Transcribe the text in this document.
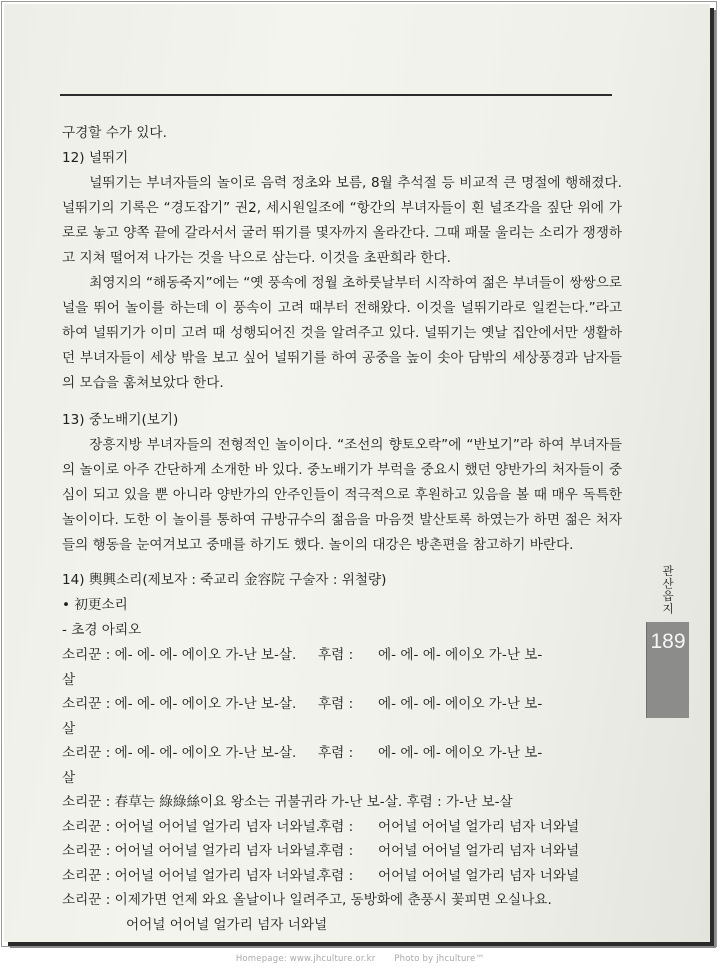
구경할 수가 있다.

12) 널뛰기

널뛰기는 부녀자들의 놀이로 음력 정초와 보름, 8월 추석절 등 비교적 큰 명절에 행해졌다. 널뛰기의 기록은 “경도잡기” 권2, 세시원일조에 “항간의 부녀자들이 흰 널조각을 짚단 위에 가로로 놓고 양쪽 끝에 갈라서서 굴러 뛰기를 몇자까지 올라간다. 그때 패물 울리는 소리가 쟁쟁하고 지쳐 떨어져 나가는 것을 낙으로 삼는다. 이것을 초판희라 한다.

최영지의 “해동죽지”에는 “옛 풍속에 정월 초하룻날부터 시작하여 젊은 부녀들이 쌍쌍으로 널을 뛰어 놀이를 하는데 이 풍속이 고려 때부터 전해왔다. 이것을 널뛰기라로 일컫는다.”라고 하여 널뛰기가 이미 고려 때 성행되어진 것을 알려주고 있다. 널뛰기는 옛날 집안에서만 생활하던 부녀자들이 세상 밖을 보고 싶어 널뛰기를 하여 공중을 높이 솟아 담밖의 세상풍경과 남자들의 모습을 훔쳐보았다 한다.

13) 중노배기(보기)

장흥지방 부녀자들의 전형적인 놀이이다. “조선의 향토오락”에 “반보기”라 하여 부녀자들의 놀이로 아주 간단하게 소개한 바 있다. 중노배기가 부럭을 중요시 했던 양반가의 처자들이 중심이 되고 있을 뿐 아니라 양반가의 안주인들이 적극적으로 후원하고 있음을 볼 때 매우 독특한 놀이이다. 도한 이 놀이를 통하여 규방규수의 젊음을 마음껏 발산토록 하였는가 하면 젊은 처자들의 행동을 눈여겨보고 중매를 하기도 했다. 놀이의 대강은 방촌편을 참고하기 바란다.

14) 輿興소리(제보자 : 죽교리 金容院 구술자 : 위철량)

• 初更소리

- 초경 아뢰오

소리꾼 : 에- 에- 에- 에이오 가-난 보-살.	후렴 :	에- 에- 에- 에이오 가-난 보-
살
소리꾼 : 에- 에- 에- 에이오 가-난 보-살.	후렴 :	에- 에- 에- 에이오 가-난 보-
살
소리꾼 : 에- 에- 에- 에이오 가-난 보-살.	후렴 :	에- 에- 에- 에이오 가-난 보-
살
소리꾼 : 春草는 綠綠絲이요 왕소는 귀불귀라 가-난 보-살. 후렴 : 가-난 보-살
소리꾼 : 어어널 어어널 얼가리 넘자 너와널.
후렴 :	어어널 어어널 얼가리 넘자 너와널
소리꾼 : 어어널 어어널 얼가리 넘자 너와널.
후렴 :	어어널 어어널 얼가리 넘자 너와널
소리꾼 : 어어널 어어널 얼가리 넘자 너와널.
후렴 :	어어널 어어널 얼가리 넘자 너와널
소리꾼 : 이제가면 언제 와요 올날이나 일려주고, 동방화에 춘풍시 꽃피면 오실나요.
어어널 어어널 얼가리 넘자 너와널
관산읍지
189
Homepage: www.jhculture.or.kr Photo by jhculture™
